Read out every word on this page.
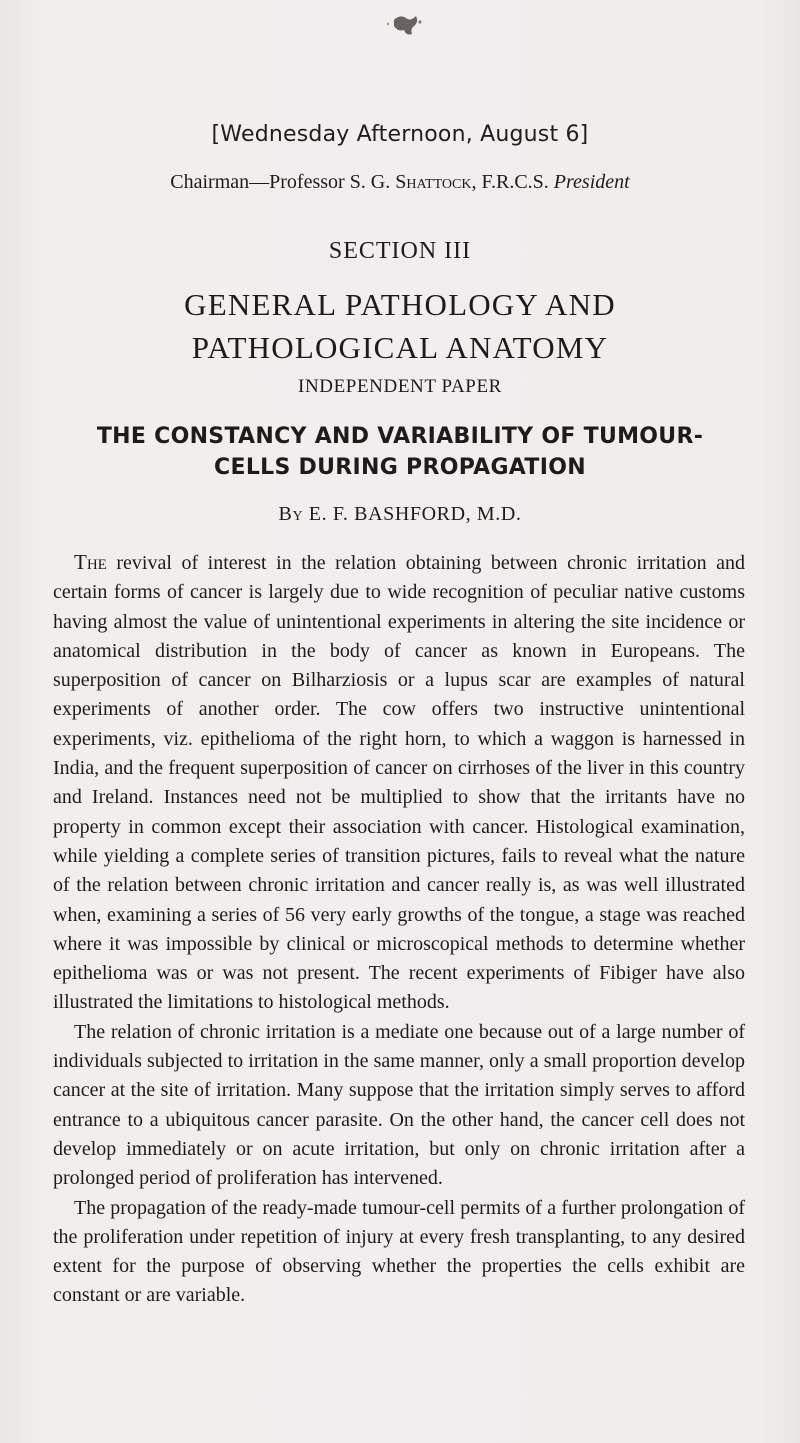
[Wednesday Afternoon, August 6]

Chairman—Professor S. G. Shattock, F.R.C.S. President

SECTION III

GENERAL PATHOLOGY AND

PATHOLOGICAL ANATOMY

INDEPENDENT PAPER

THE CONSTANCY AND VARIABILITY OF TUMOUR-

CELLS DURING PROPAGATION

By E. F. BASHFORD, M.D.

The revival of interest in the relation obtaining between chronic irritation and certain forms of cancer is largely due to wide recognition of peculiar native customs having almost the value of unintentional experiments in altering the site incidence or anatomical distribution in the body of cancer as known in Europeans. The superposition of cancer on Bilharziosis or a lupus scar are examples of natural experiments of another order. The cow offers two instructive unintentional experiments, viz. epithelioma of the right horn, to which a waggon is harnessed in India, and the frequent superposition of cancer on cirrhoses of the liver in this country and Ireland. Instances need not be multiplied to show that the irritants have no property in common except their association with cancer. Histological examination, while yielding a complete series of transition pictures, fails to reveal what the nature of the relation between chronic irritation and cancer really is, as was well illustrated when, examining a series of 56 very early growths of the tongue, a stage was reached where it was impossible by clinical or microscopical methods to determine whether epithelioma was or was not present. The recent experiments of Fibiger have also illustrated the limitations to histological methods.

The relation of chronic irritation is a mediate one because out of a large number of individuals subjected to irritation in the same manner, only a small proportion develop cancer at the site of irritation. Many suppose that the irritation simply serves to afford entrance to a ubiquitous cancer parasite. On the other hand, the cancer cell does not develop immediately or on acute irritation, but only on chronic irritation after a prolonged period of proliferation has intervened.

The propagation of the ready-made tumour-cell permits of a further prolongation of the proliferation under repetition of injury at every fresh transplanting, to any desired extent for the purpose of observing whether the properties the cells exhibit are constant or are variable.
